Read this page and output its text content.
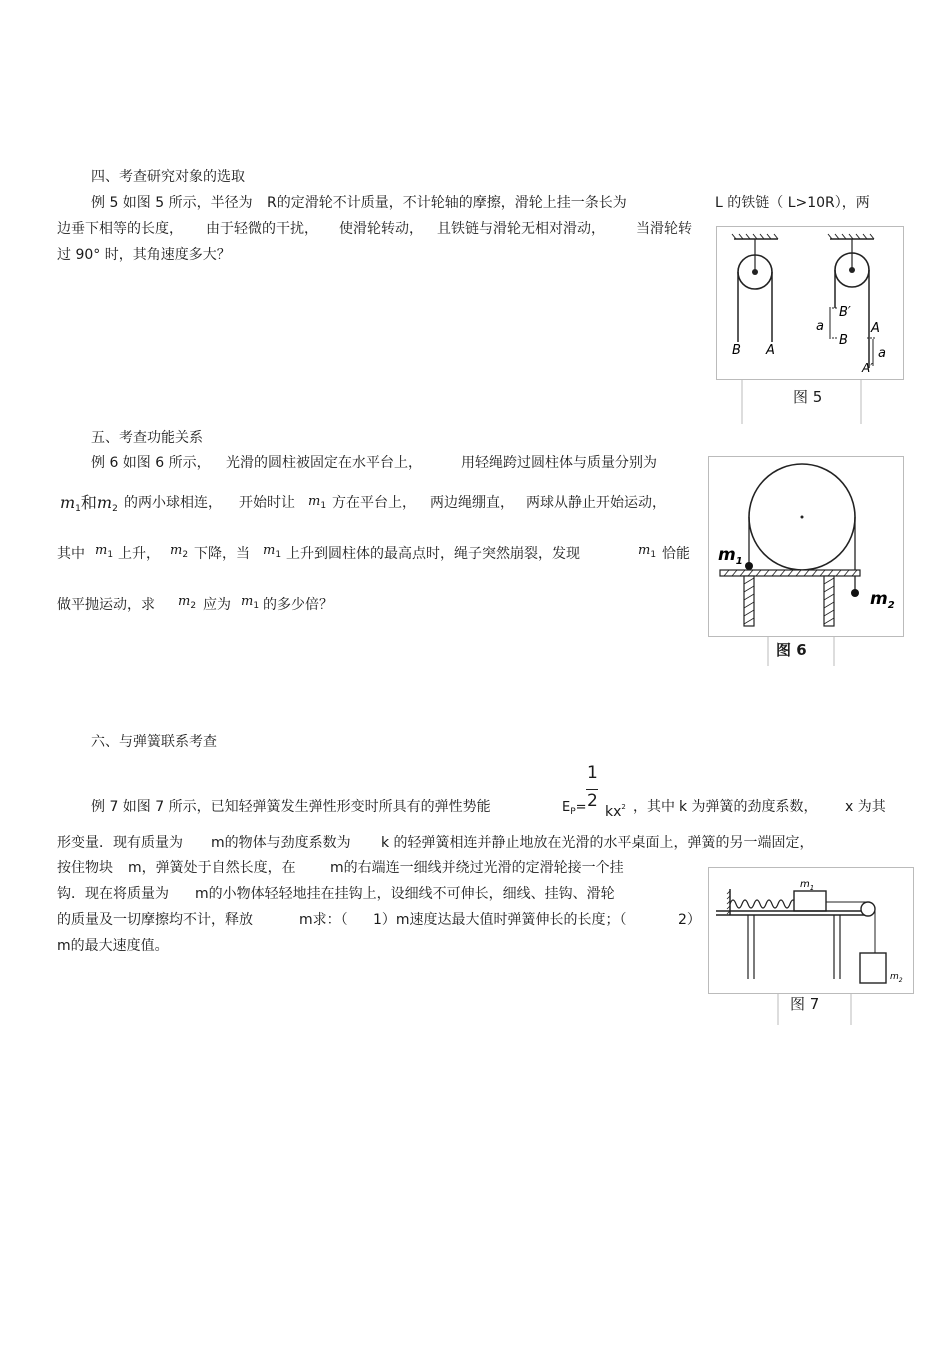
四、考查研究对象的选取
例 5 如图 5 所示，半径为 R的定滑轮不计质量，不计轮轴的摩擦，滑轮上挂一条长为	L 的铁链（ L>10R），两
边垂下相等的长度， 由于轻微的干扰， 使滑轮转动， 且铁链与滑轮无相对滑动， 当滑轮转
过 90° 时，其角速度多大？
B A
B′
a
B
A
a
A′
图 5
五、考查功能关系
例 6 如图 6 所示， 光滑的圆柱被固定在水平台上，	用轻绳跨过圆柱体与质量分别为
$m_1$和$m_2$ 的两小球相连， 开始时让 $m_1$ 方在平台上， 两边绳绷直， 两球从静止开始运动，
其中 $m_1$ 上升， $m_2$ 下降，当 $m_1$ 上升到圆柱体的最高点时，绳子突然崩裂，发现	$m_1$ 恰能
做平抛运动，求 $m_2$ 应为 $m_1$ 的多少倍？
$m_1$
$m_2$
图 6
六、与弹簧联系考查
1
2
例 7 如图 7 所示，已知轻弹簧发生弹性形变时所具有的弹性势能	$E_P= kx^2$ ，其中 k 为弹簧的劲度系数， x 为其
形变量．现有质量为 m的物体与劲度系数为 k 的轻弹簧相连并静止地放在光滑的水平桌面上，弹簧的另一端固定，
按住物块 m，弹簧处于自然长度，在 m的右端连一细线并绕过光滑的定滑轮接一个挂
钩．现在将质量为 m的小物体轻轻地挂在挂钩上，设细线不可伸长，细线、挂钩、滑轮
的质量及一切摩擦均不计，释放	m求：（ 1）m速度达最大值时弹簧伸长的长度；（	2）
m的最大速度值。
$m_1$
$m_2$
图 7
